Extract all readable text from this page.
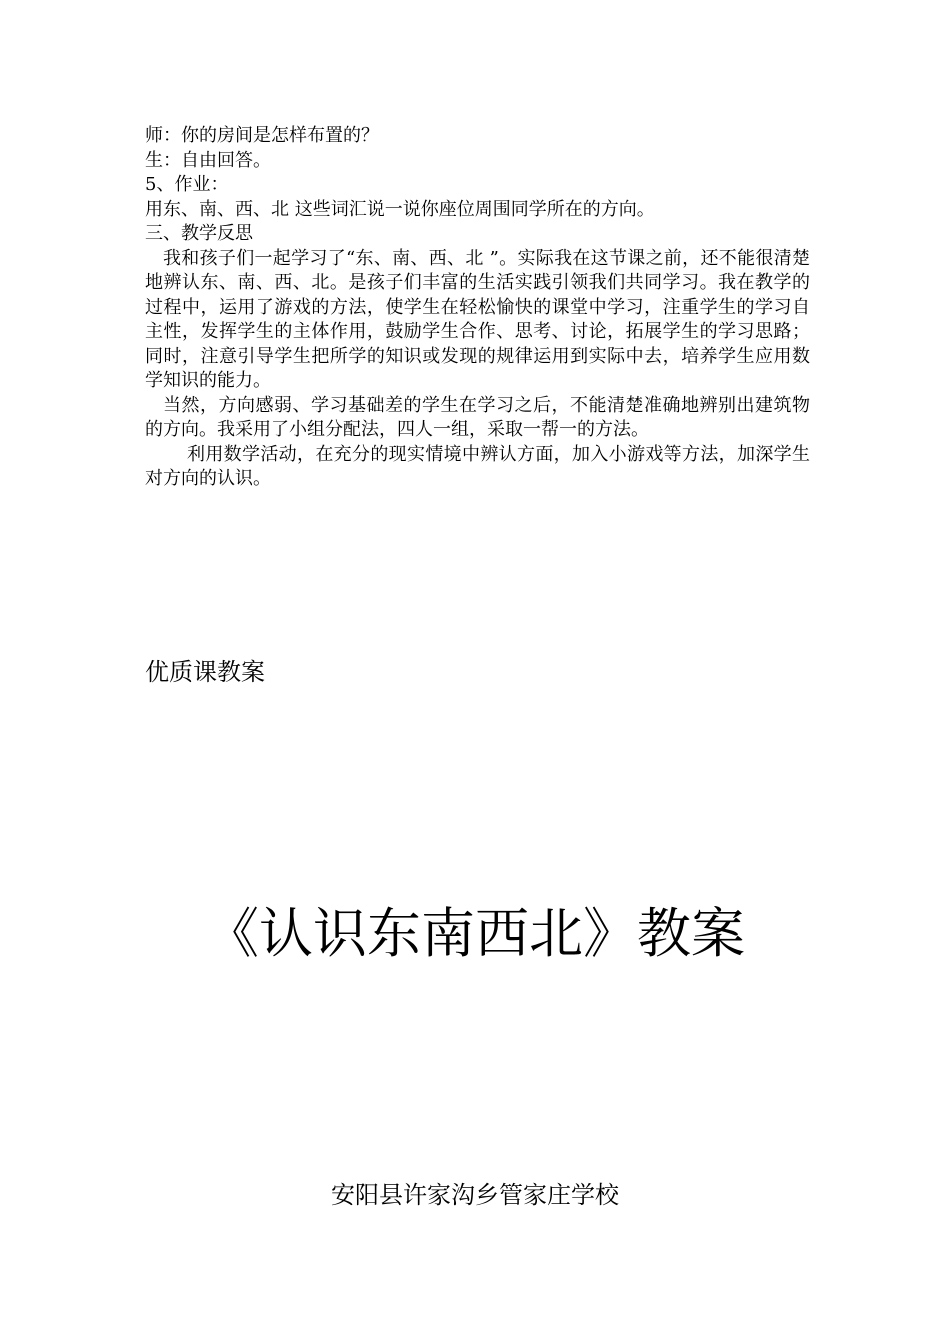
师：你的房间是怎样布置的？

生：自由回答。

5、作业：

用东、南、西、北 这些词汇说一说你座位周围同学所在的方向。

三、教学反思

我和孩子们一起学习了“东、南、西、北 ”。实际我在这节课之前，还不能很清楚地辨认东、南、西、北。是孩子们丰富的生活实践引领我们共同学习。我在教学的过程中，运用了游戏的方法，使学生在轻松愉快的课堂中学习，注重学生的学习自主性，发挥学生的主体作用，鼓励学生合作、思考、讨论，拓展学生的学习思路；同时，注意引导学生把所学的知识或发现的规律运用到实际中去，培养学生应用数学知识的能力。

当然，方向感弱、学习基础差的学生在学习之后，不能清楚准确地辨别出建筑物的方向。我采用了小组分配法，四人一组，采取一帮一的方法。

利用数学活动，在充分的现实情境中辨认方面，加入小游戏等方法，加深学生对方向的认识。

优质课教案
《认识东南西北》教案
安阳县许家沟乡管家庄学校
